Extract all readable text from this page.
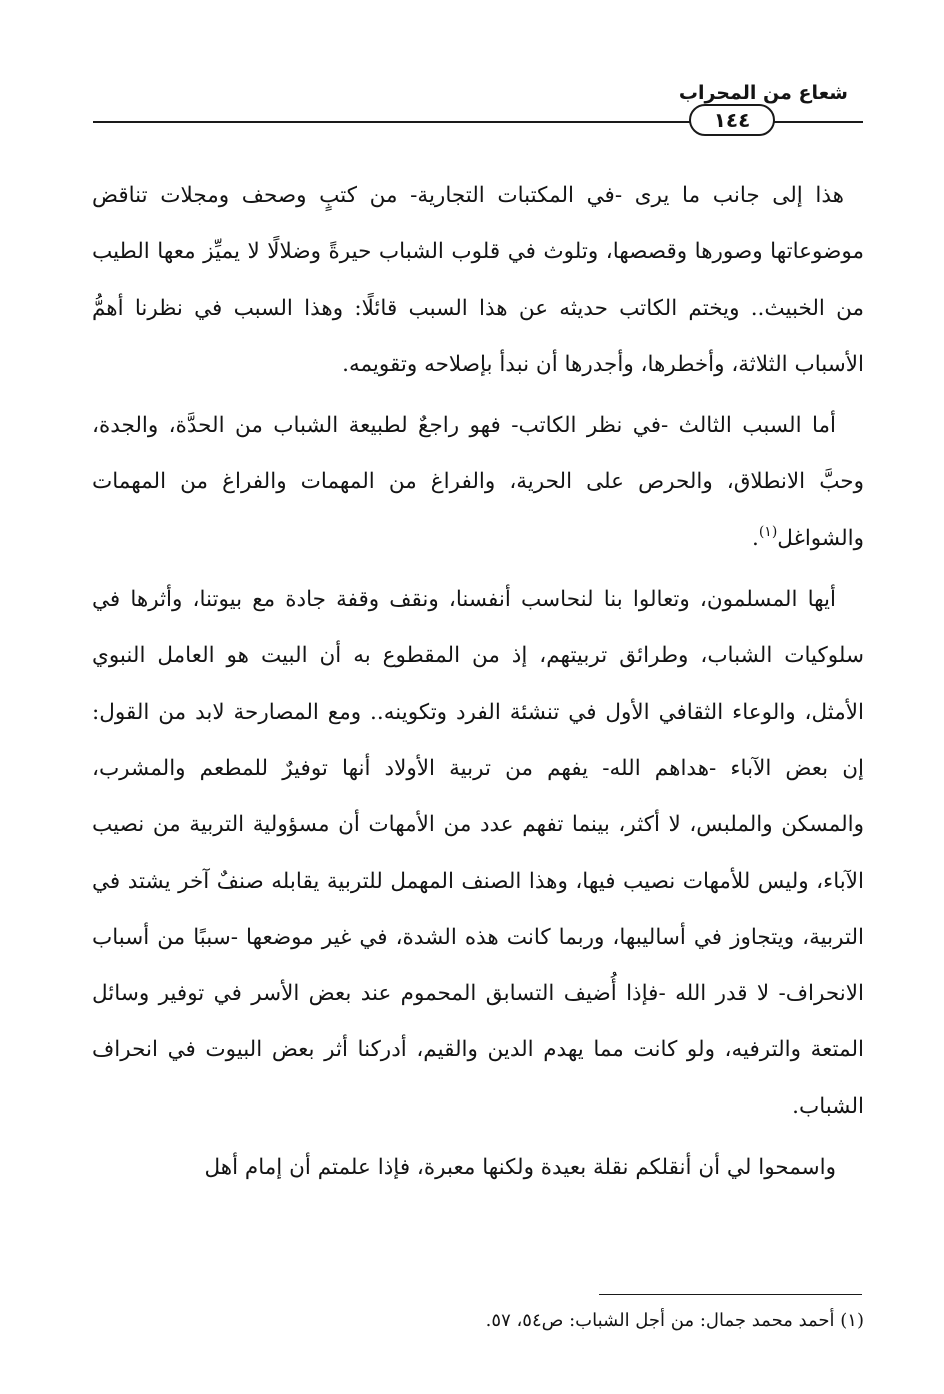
شعاع من المحراب
١٤٤

هذا إلى جانب ما يرى -في المكتبات التجارية- من كتبٍ وصحف ومجلات تناقض موضوعاتها وصورها وقصصها، وتلوث في قلوب الشباب حيرةً وضلالًا لا يميِّز معها الطيب من الخبيث.. ويختم الكاتب حديثه عن هذا السبب قائلًا: وهذا السبب في نظرنا أهمُّ الأسباب الثلاثة، وأخطرها، وأجدرها أن نبدأ بإصلاحه وتقويمه.

أما السبب الثالث -في نظر الكاتب- فهو راجعٌ لطبيعة الشباب من الحدَّة، والجدة، وحبَّ الانطلاق، والحرص على الحرية، والفراغ من المهمات والفراغ من المهمات والشواغل$^{(١)}$.

أيها المسلمون، وتعالوا بنا لنحاسب أنفسنا، ونقف وقفة جادة مع بيوتنا، وأثرها في سلوكيات الشباب، وطرائق تربيتهم، إذ من المقطوع به أن البيت هو العامل النبوي الأمثل، والوعاء الثقافي الأول في تنشئة الفرد وتكوينه.. ومع المصارحة لابد من القول: إن بعض الآباء -هداهم الله- يفهم من تربية الأولاد أنها توفيرٌ للمطعم والمشرب، والمسكن والملبس، لا أكثر، بينما تفهم عدد من الأمهات أن مسؤولية التربية من نصيب الآباء، وليس للأمهات نصيب فيها، وهذا الصنف المهمل للتربية يقابله صنفٌ آخر يشتد في التربية، ويتجاوز في أساليبها، وربما كانت هذه الشدة، في غير موضعها -سببًا من أسباب الانحراف- لا قدر الله -فإذا أُضيف التسابق المحموم عند بعض الأسر في توفير وسائل المتعة والترفيه، ولو كانت مما يهدم الدين والقيم، أدركنا أثر بعض البيوت في انحراف الشباب.

واسمحوا لي أن أنقلكم نقلة بعيدة ولكنها معبرة، فإذا علمتم أن إمام أهل

(١) أحمد محمد جمال: من أجل الشباب: ص٥٤، ٥٧.
